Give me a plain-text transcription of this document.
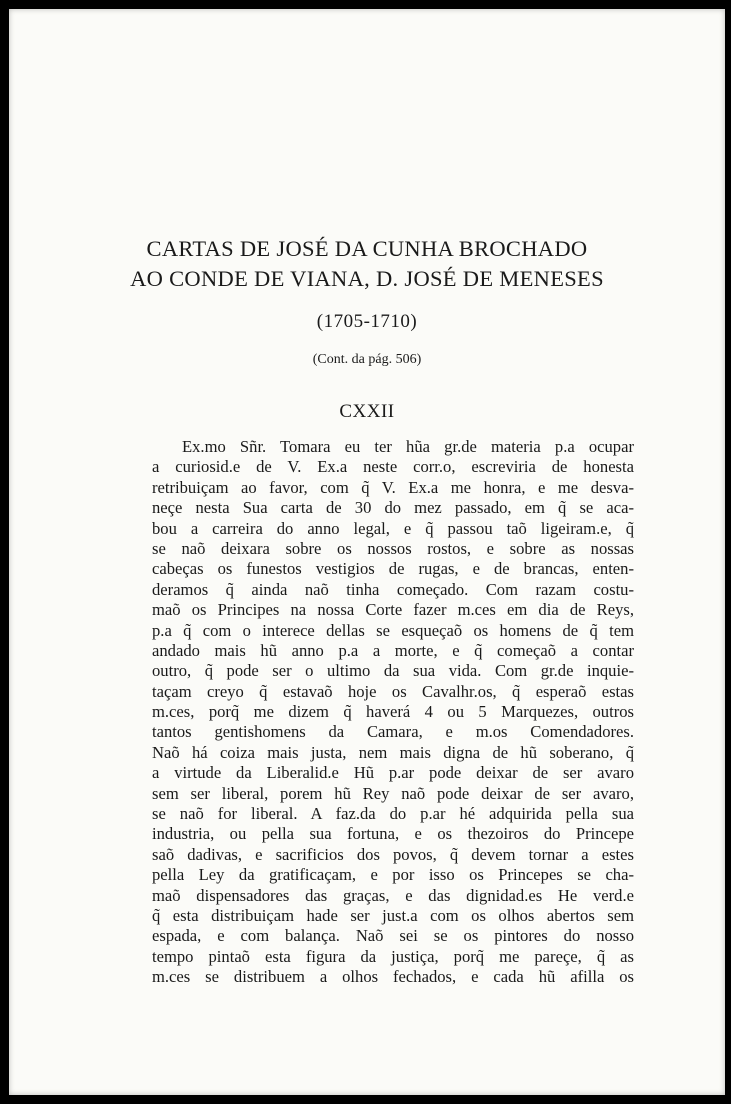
CARTAS DE JOSÉ DA CUNHA BROCHADO
AO CONDE DE VIANA, D. JOSÉ DE MENESES
(1705-1710)
(Cont. da pág. 506)
CXXII
Ex.mo Sñr. Tomara eu ter hũa gr.de materia p.a ocupar
a curiosid.e de V. Ex.a neste corr.o, escreviria de honesta
retribuiçam ao favor, com q̃ V. Ex.a me honra, e me desva-
neçe nesta Sua carta de 30 do mez passado, em q̃ se aca-
bou a carreira do anno legal, e q̃ passou taõ ligeiram.e, q̃
se naõ deixara sobre os nossos rostos, e sobre as nossas
cabeças os funestos vestigios de rugas, e de brancas, enten-
deramos q̃ ainda naõ tinha começado. Com razam costu-
maõ os Principes na nossa Corte fazer m.ces em dia de Reys,
p.a q̃ com o interece dellas se esqueçaõ os homens de q̃ tem
andado mais hũ anno p.a a morte, e q̃ começaõ a contar
outro, q̃ pode ser o ultimo da sua vida. Com gr.de inquie-
taçam creyo q̃ estavaõ hoje os Cavalhr.os, q̃ esperaõ estas
m.ces, porq̃ me dizem q̃ haverá 4 ou 5 Marquezes, outros
tantos gentishomens da Camara, e m.os Comendadores.
Naõ há coiza mais justa, nem mais digna de hũ soberano, q̃
a virtude da Liberalid.e Hũ p.ar pode deixar de ser avaro
sem ser liberal, porem hũ Rey naõ pode deixar de ser avaro,
se naõ for liberal. A faz.da do p.ar hé adquirida pella sua
industria, ou pella sua fortuna, e os thezoiros do Princepe
saõ dadivas, e sacrificios dos povos, q̃ devem tornar a estes
pella Ley da gratificaçam, e por isso os Princepes se cha-
maõ dispensadores das graças, e das dignidad.es He verd.e
q̃ esta distribuiçam hade ser just.a com os olhos abertos sem
espada, e com balança. Naõ sei se os pintores do nosso
tempo pintaõ esta figura da justiça, porq̃ me pareçe, q̃ as
m.ces se distribuem a olhos fechados, e cada hũ afilla os
